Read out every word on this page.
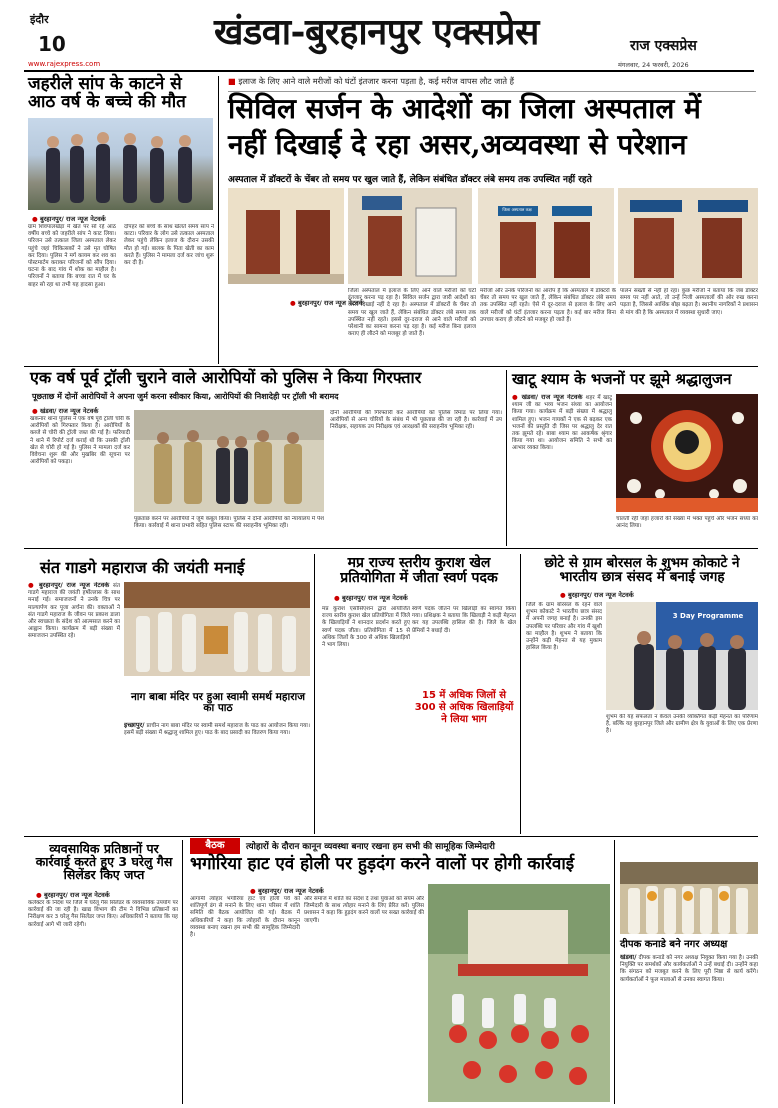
इंदौर
10
www.rajexpress.com
खंडवा-बुरहानपुर एक्सप्रेस	राज एक्सप्रेस
मंगलवार, 24 फरवरी, 2026
जहरीले सांप के काटने से आठ वर्ष के बच्चे की मौत
● बुरहानपुर/ राज न्यूज नेटवर्क
ग्राम शिवपालखेड़ा में खेत पर सो रहे आठ वर्षीय बच्चे को जहरीले सांप ने काट लिया। परिजन उसे तत्काल जिला अस्पताल लेकर पहुंचे जहां चिकित्सकों ने उसे मृत घोषित कर दिया। पुलिस ने मर्ग कायम कर शव का पोस्टमार्टम कराकर परिजनों को सौंप दिया। घटना के बाद गांव में शोक का माहौल है। परिजनों ने बताया कि बच्चा रात में घर के बाहर सो रहा था तभी यह हादसा हुआ।
दोपहर को बच्चे के साथ खेलते समय सांप ने काटा। परिवार के लोग उसे तत्काल अस्पताल लेकर पहुंचे लेकिन इलाज के दौरान उसकी मौत हो गई। बालक के पिता खेती का काम करते हैं। पुलिस ने मामला दर्ज कर जांच शुरू कर दी है।
■ इलाज के लिए आने वाले मरीजों को घंटों इंतजार करना पड़ता है, कई मरीज वापस लौट जाते हैं
सिविल सर्जन के आदेशों का जिला अस्पताल में
नहीं दिखाई दे रहा असर,अव्यवस्था से परेशान
अस्पताल में डॉक्टरों के चेंबर तो समय पर खुल जाते हैं, लेकिन संबंधित डॉक्टर लंबे समय तक उपस्थित नहीं रहते
जिला अस्पताल कक्ष
● बुरहानपुर/ राज न्यूज नेटवर्क
जिला अस्पताल में इलाज के लिए आने वाले मरीजों को घंटों इंतजार करना पड़ रहा है। सिविल सर्जन द्वारा जारी आदेशों का असर दिखाई नहीं दे रहा है। अस्पताल में डॉक्टरों के चेंबर तो समय पर खुल जाते हैं, लेकिन संबंधित डॉक्टर लंबे समय तक उपस्थित नहीं रहते। इससे दूर-दराज से आने वाले मरीजों को परेशानी का सामना करना पड़ रहा है। कई मरीज बिना इलाज कराए ही लौटने को मजबूर हो जाते हैं।
मरीजों और उनके परिजनों का आरोप है कि अस्पताल में डॉक्टरों के चेंबर तो समय पर खुल जाते हैं, लेकिन संबंधित डॉक्टर लंबे समय तक उपस्थित नहीं रहते। ऐसे में दूर-दराज से इलाज के लिए आने वाले मरीजों को घंटों इंतजार करना पड़ता है। कई बार मरीज बिना उपचार कराए ही लौटने को मजबूर हो जाते हैं।
पालन सख्ती से नहीं हो रहा। कुछ मरीजों ने बताया कि जब डॉक्टर समय पर नहीं आते, तो उन्हें निजी अस्पतालों की ओर रुख करना पड़ता है, जिससे आर्थिक बोझ बढ़ता है। स्थानीय नागरिकों ने प्रशासन से मांग की है कि अस्पताल में व्यवस्था सुधारी जाए।
एक वर्ष पूर्व ट्रॉली चुराने वाले आरोपियों को पुलिस ने किया गिरफ्तार
पूछताछ में दोनों आरोपियों ने अपना जुर्म करना स्वीकार किया, आरोपियों की निशादेही पर ट्रॉली भी बरामद
● खंडवा/ राज न्यूज नेटवर्क
खकनार थाना पुलिस ने एक वर्ष पूर्व ट्रॉली चोरी के आरोपियों को गिरफ्तार किया है। आरोपियों के कब्जे से चोरी की ट्रॉली जब्त की गई है। फरियादी ने थाने में रिपोर्ट दर्ज कराई थी कि उसकी ट्रॉली खेत से चोरी हो गई है। पुलिस ने मामला दर्ज कर विवेचना शुरू की और मुखबिर की सूचना पर आरोपियों को पकड़ा।
पूछताछ करने पर आरोपियों ने जुर्म कबूल किया। पुलिस ने दोनों आरोपियों को न्यायालय में पेश किया। कार्रवाई में थाना प्रभारी सहित पुलिस स्टाफ की सराहनीय भूमिका रही।
दोनों आरोपियों की गिरफ्तारी कर आरोपियों को पुलिस रिमांड पर लिया गया। आरोपियों से अन्य चोरियों के संबंध में भी पूछताछ की जा रही है। कार्रवाई में उप निरीक्षक, सहायक उप निरीक्षक एवं आरक्षकों की सराहनीय भूमिका रही।
खाटू श्याम के भजनों पर झूमे श्रद्धालुजन
● खंडवा/ राज न्यूज नेटवर्क शहर में खाटू श्याम जी का भव्य भजन संध्या का आयोजन किया गया। कार्यक्रम में बड़ी संख्या में श्रद्धालु शामिल हुए। भजन गायकों ने एक से बढ़कर एक भजनों की प्रस्तुति दी जिस पर श्रद्धालु देर रात तक झूमते रहे। बाबा श्याम का आकर्षक श्रृंगार किया गया था। आयोजन समिति ने सभी का आभार व्यक्त किया।
चालती रही जहां हजारों की संख्या में भक्त पहुंचे और भजन संध्या का आनंद लिया।
संत गाडगे महाराज की जयंती मनाई
● बुरहानपुर/ राज न्यूज नेटवर्क संत गाडगे महाराज की जयंती हर्षोल्लास के साथ मनाई गई। समाजजनों ने उनके चित्र पर माल्यार्पण कर पूजा अर्चना की। वक्ताओं ने संत गाडगे महाराज के जीवन पर प्रकाश डाला और स्वच्छता के संदेश को आत्मसात करने का आह्वान किया। कार्यक्रम में बड़ी संख्या में समाजजन उपस्थित रहे।
नाग बाबा मंदिर पर हुआ स्वामी समर्थ महाराज का पाठ
इच्छापुर/ प्राचीन नाग बाबा मंदिर पर स्वामी समर्थ महाराज के पाठ का आयोजन किया गया। इसमें बड़ी संख्या में श्रद्धालु शामिल हुए। पाठ के बाद प्रसादी का वितरण किया गया।
मप्र राज्य स्तरीय कुराश खेल प्रतियोगिता में जीता स्वर्ण पदक
● बुरहानपुर/ राज न्यूज नेटवर्क
मप्र कुराश एसोसिएशन द्वारा आयोजित राज्य स्तरीय कुराश खेल प्रतियोगिता में जिले के खिलाड़ियों ने शानदार प्रदर्शन करते हुए स्वर्ण पदक जीता। प्रतियोगिता में 15 से अधिक जिलों के 300 से अधिक खिलाड़ियों ने भाग लिया।
15 में अधिक जिलों से 300 से अधिक खिलाड़ियों ने लिया भाग
स्वर्ण पदक जीतने पर खिलाड़ी का स्वागत किया गया। प्रशिक्षक ने बताया कि खिलाड़ी ने कड़ी मेहनत कर यह उपलब्धि हासिल की है। जिले के खेल प्रेमियों ने बधाई दी।
छोटे से ग्राम बोरसल के शुभम कोकाटे ने भारतीय छात्र संसद में बनाई जगह
● बुरहानपुर/ राज न्यूज नेटवर्क
जिले के ग्राम बोरसल के रहने वाले शुभम कोकाटे ने भारतीय छात्र संसद में अपनी जगह बनाई है। उनकी इस उपलब्धि पर परिवार और गांव में खुशी का माहौल है। शुभम ने बताया कि उन्होंने कड़ी मेहनत से यह मुकाम हासिल किया है।
3 Day Programme
शुभम की यह सफलता न केवल उनकी व्यक्तिगत कड़ी मेहनत का परिणाम है, बल्कि यह बुरहानपुर जिले और ग्रामीण क्षेत्र के युवाओं के लिए एक प्रेरणा है।
व्यवसायिक प्रतिष्ठानों पर कार्रवाई करते हुए 3 घरेलु गैस सिलेंडर किए जप्त
● बुरहानपुर/ राज न्यूज नेटवर्क
कलेक्टर के निर्देश पर जिले में घरेलू गैस सिलेंडर के व्यवसायिक उपयोग पर कार्रवाई की जा रही है। खाद्य विभाग की टीम ने विभिन्न प्रतिष्ठानों का निरीक्षण कर 3 घरेलू गैस सिलेंडर जप्त किए। अधिकारियों ने बताया कि यह कार्रवाई आगे भी जारी रहेगी।
बैठक	त्योहारों के दौरान कानून व्यवस्था बनाए रखना हम सभी की सामूहिक जिम्मेदारी
भगोरिया हाट एवं होली पर हुड़दंग करने वालों पर होगी कार्रवाई
● बुरहानपुर/ राज न्यूज नेटवर्क
आगामी त्योहार भगोरिया हाट एवं होली पर्व को शांतिपूर्ण ढंग से मनाने के लिए थाना परिसर में शांति समिति की बैठक आयोजित की गई। बैठक में अधिकारियों ने कहा कि त्योहारों के दौरान कानून व्यवस्था बनाए रखना हम सभी की सामूहिक जिम्मेदारी है।
और समाज में शांति का संदेश दें तथा युवाओं को संयम और जिम्मेदारी के साथ त्योहार मनाने के लिए प्रेरित करें। पुलिस प्रशासन ने कहा कि हुड़दंग करने वालों पर सख्त कार्रवाई की जाएगी।
दीपक कनाडे बने नगर अध्यक्ष
खंडवा/ दीपक कनाडे को नगर अध्यक्ष नियुक्त किया गया है। उनकी नियुक्ति पर समर्थकों और कार्यकर्ताओं ने उन्हें बधाई दी। उन्होंने कहा कि संगठन को मजबूत करने के लिए पूरी निष्ठा से कार्य करेंगे। कार्यकर्ताओं ने फूल मालाओं से उनका स्वागत किया।
